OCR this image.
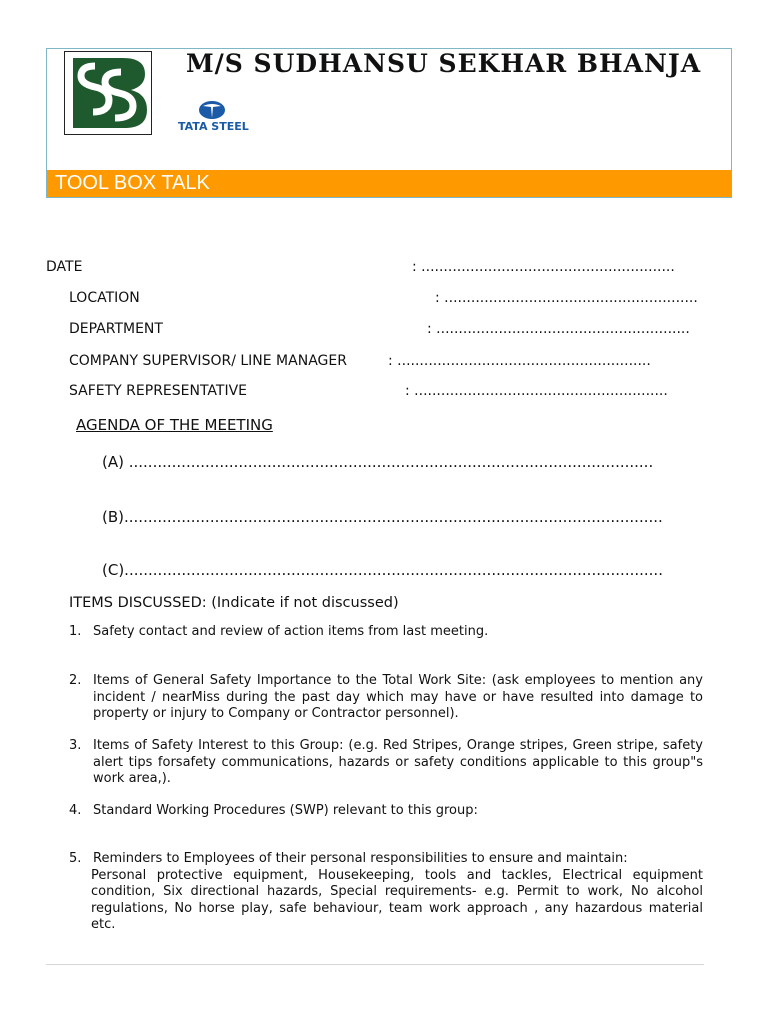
TATA STEEL
M/S SUDHANSU SEKHAR BHANJA
TOOL BOX TALK
DATE	: .........................................................
LOCATION	: .........................................................
DEPARTMENT	: .........................................................
COMPANY SUPERVISOR/ LINE MANAGER	: .........................................................
SAFETY REPRESENTATIVE	: .........................................................
AGENDA OF THE MEETING
(A) ..............................................................................................................
(B).................................................................................................................
(C).................................................................................................................
ITEMS DISCUSSED: (Indicate if not discussed)
1. Safety contact and review of action items from last meeting.
2. Items of General Safety Importance to the Total Work Site: (ask employees to mention any incident / nearMiss during the past day which may have or have resulted into damage to property or injury to Company or Contractor personnel).
3. Items of Safety Interest to this Group: (e.g. Red Stripes, Orange stripes, Green stripe, safety alert tips forsafety communications, hazards or safety conditions applicable to this group"s work area,).
4. Standard Working Procedures (SWP) relevant to this group:
5. Reminders to Employees of their personal responsibilities to ensure and maintain:
Personal protective equipment, Housekeeping, tools and tackles, Electrical equipment condition, Six directional hazards, Special requirements- e.g. Permit to work, No alcohol regulations, No horse play, safe behaviour, team work approach , any hazardous material etc.
